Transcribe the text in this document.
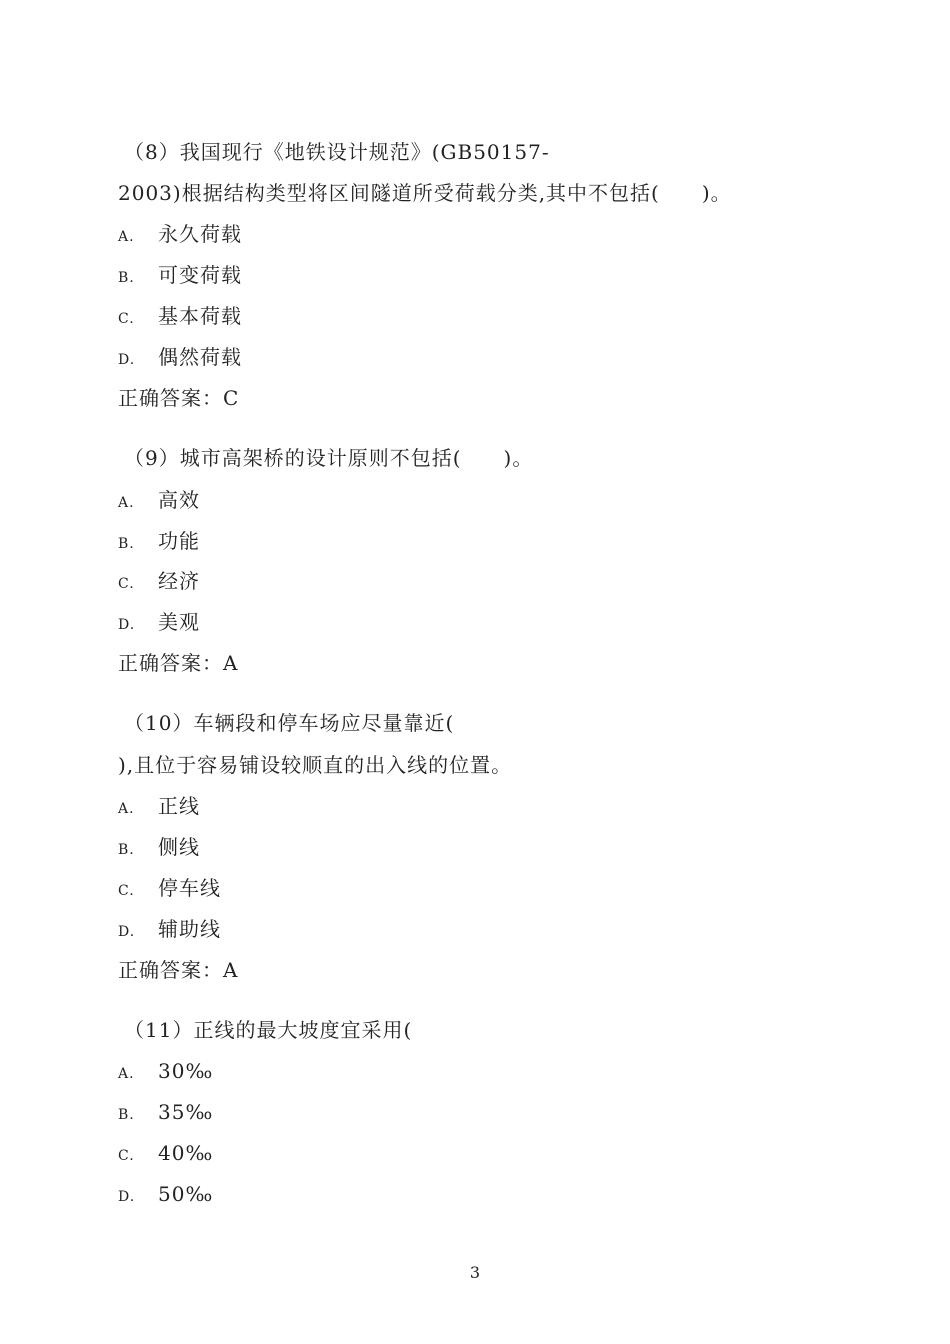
（8）我国现行《地铁设计规范》(GB50157-
2003)根据结构类型将区间隧道所受荷载分类,其中不包括(　　)。
A. 永久荷载
B. 可变荷载
C. 基本荷载
D. 偶然荷载
正确答案：C
（9）城市高架桥的设计原则不包括(　　)。
A. 高效
B. 功能
C. 经济
D. 美观
正确答案：A
（10）车辆段和停车场应尽量靠近(
),且位于容易铺设较顺直的出入线的位置。
A. 正线
B. 侧线
C. 停车线
D. 辅助线
正确答案：A
（11）正线的最大坡度宜采用(
A. 30‰
B. 35‰
C. 40‰
D. 50‰
3
